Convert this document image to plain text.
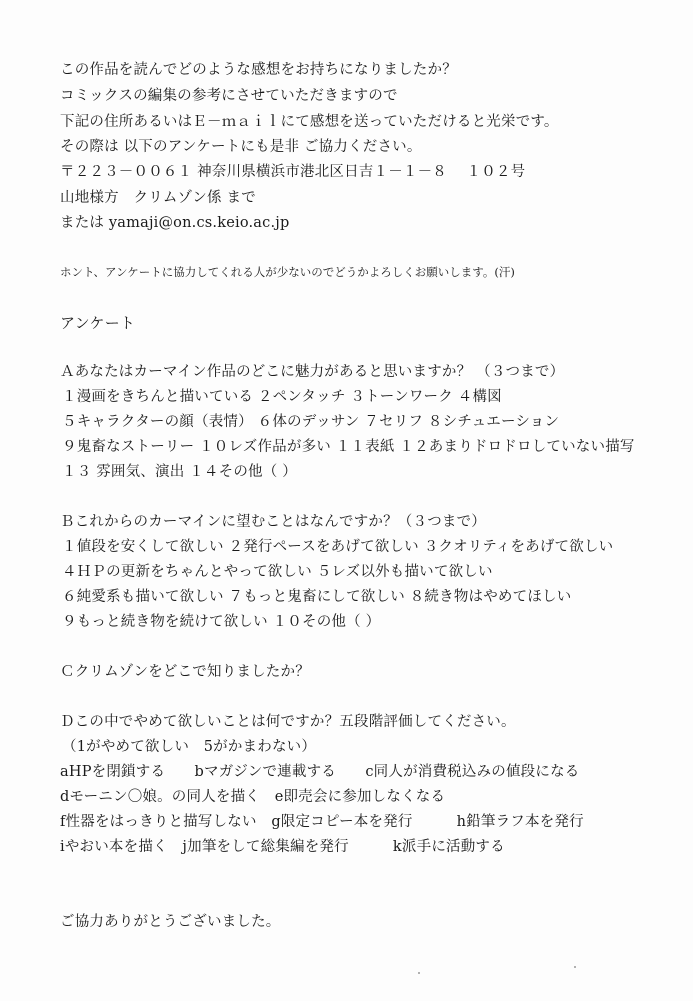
この作品を読んでどのような感想をお持ちになりましたか？
コミックスの編集の参考にさせていただきますので
下記の住所あるいはＥ－ｍａｉｌにて感想を送っていただけると光栄です。
その際は 以下のアンケートにも是非 ご協力ください。
〒２２３－００６１ 神奈川県横浜市港北区日吉１－１－８　 １０２号
山地様方　クリムゾン係 まで
または yamaji@on.cs.keio.ac.jp
ホント、アンケートに協力してくれる人が少ないのでどうかよろしくお願いします。(汗)
アンケート
Ａあなたはカーマイン作品のどこに魅力があると思いますか？ （３つまで）
１漫画をきちんと描いている ２ペンタッチ ３トーンワーク ４構図
５キャラクターの顔（表情） ６体のデッサン ７セリフ ８シチュエーション
９鬼畜なストーリー １０レズ作品が多い １１表紙 １２あまりドロドロしていない描写
１３ 雰囲気、演出 １４その他（ ）
Ｂこれからのカーマインに望むことはなんですか？（３つまで）
１値段を安くして欲しい ２発行ペースをあげて欲しい ３クオリティをあげて欲しい
４ＨＰの更新をちゃんとやって欲しい ５レズ以外も描いて欲しい
６純愛系も描いて欲しい ７もっと鬼畜にして欲しい ８続き物はやめてほしい
９もっと続き物を続けて欲しい １０その他（ ）
Ｃクリムゾンをどこで知りましたか？
Ｄこの中でやめて欲しいことは何ですか？五段階評価してください。
（1がやめて欲しい　5がかまわない）
aHPを閉鎖する　　bマガジンで連載する　　c同人が消費税込みの値段になる
dモーニン〇娘。の同人を描く　e即売会に参加しなくなる
f性器をはっきりと描写しない　g限定コピー本を発行　　　h鉛筆ラフ本を発行
iやおい本を描く　j加筆をして総集編を発行　　　k派手に活動する
ご協力ありがとうございました。
